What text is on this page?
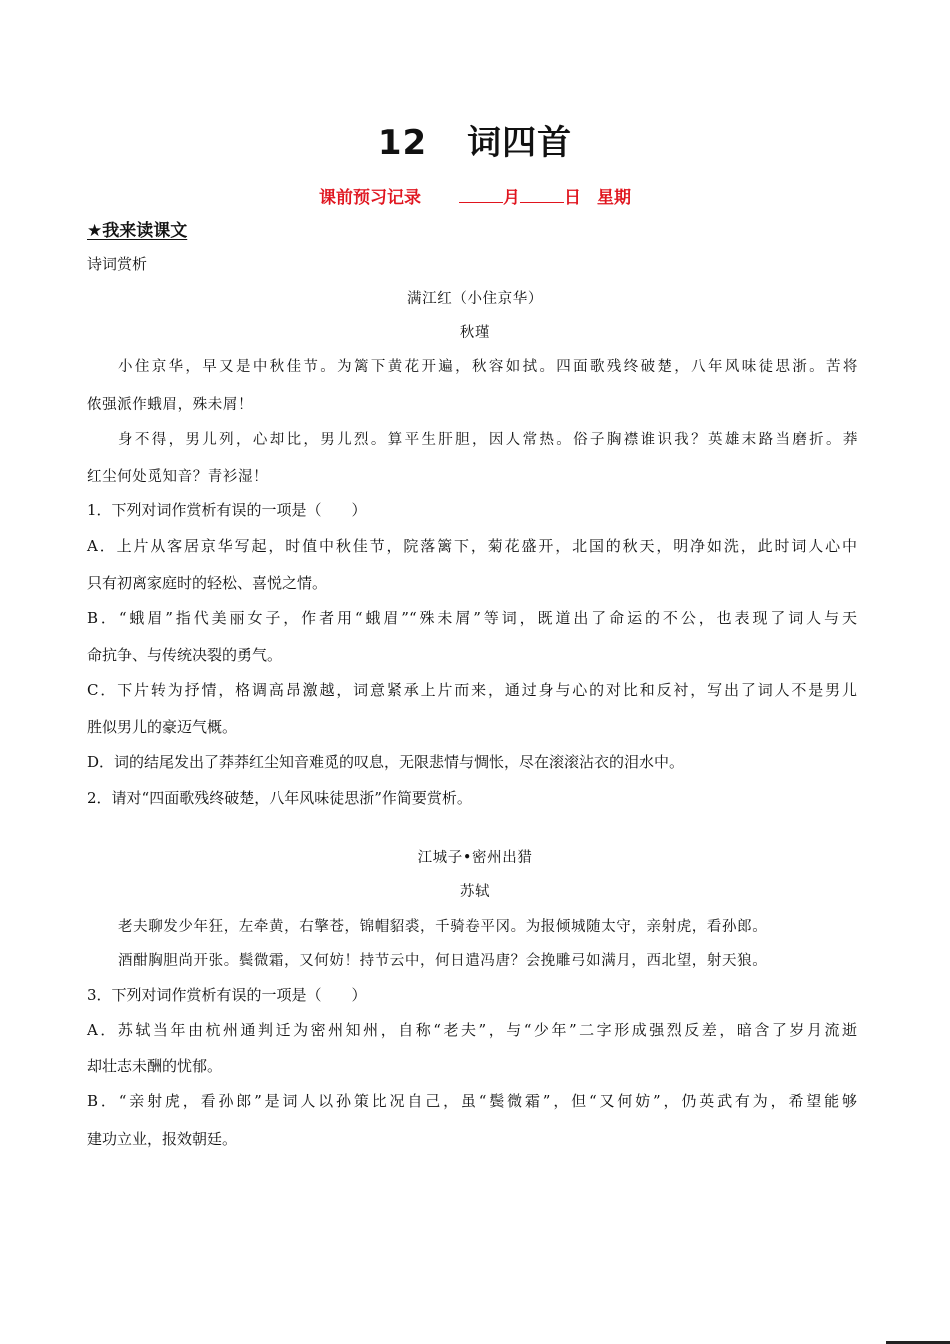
12 词四首
课前预习记录	月	日 星期
★我来读课文
诗词赏析
满江红（小住京华）
秋瑾
小住京华，早又是中秋佳节。为篱下黄花开遍，秋容如拭。四面歌残终破楚，八年风味徒思浙。苦将
侬强派作蛾眉，殊未屑！
身不得，男儿列，心却比，男儿烈。算平生肝胆，因人常热。俗子胸襟谁识我？英雄末路当磨折。莽
红尘何处觅知音？青衫湿！
1．下列对词作赏析有误的一项是（　　）
A．上片从客居京华写起，时值中秋佳节，院落篱下，菊花盛开，北国的秋天，明净如洗，此时词人心中
只有初离家庭时的轻松、喜悦之情。
B．“蛾眉”指代美丽女子，作者用“蛾眉”“殊未屑”等词，既道出了命运的不公，也表现了词人与天
命抗争、与传统决裂的勇气。
C．下片转为抒情，格调高昂激越，词意紧承上片而来，通过身与心的对比和反衬，写出了词人不是男儿
胜似男儿的豪迈气概。
D．词的结尾发出了莽莽红尘知音难觅的叹息，无限悲情与惆怅，尽在滚滚沾衣的泪水中。
2．请对“四面歌残终破楚，八年风味徒思浙”作简要赏析。
江城子•密州出猎
苏轼
老夫聊发少年狂，左牵黄，右擎苍，锦帽貂裘，千骑卷平冈。为报倾城随太守，亲射虎，看孙郎。
酒酣胸胆尚开张。鬓微霜，又何妨！持节云中，何日遣冯唐？会挽雕弓如满月，西北望，射天狼。
3．下列对词作赏析有误的一项是（　　）
A．苏轼当年由杭州通判迁为密州知州，自称“老夫”，与“少年”二字形成强烈反差，暗含了岁月流逝
却壮志未酬的忧郁。
B．“亲射虎，看孙郎”是词人以孙策比况自己，虽“鬓微霜”，但“又何妨”，仍英武有为，希望能够
建功立业，报效朝廷。
